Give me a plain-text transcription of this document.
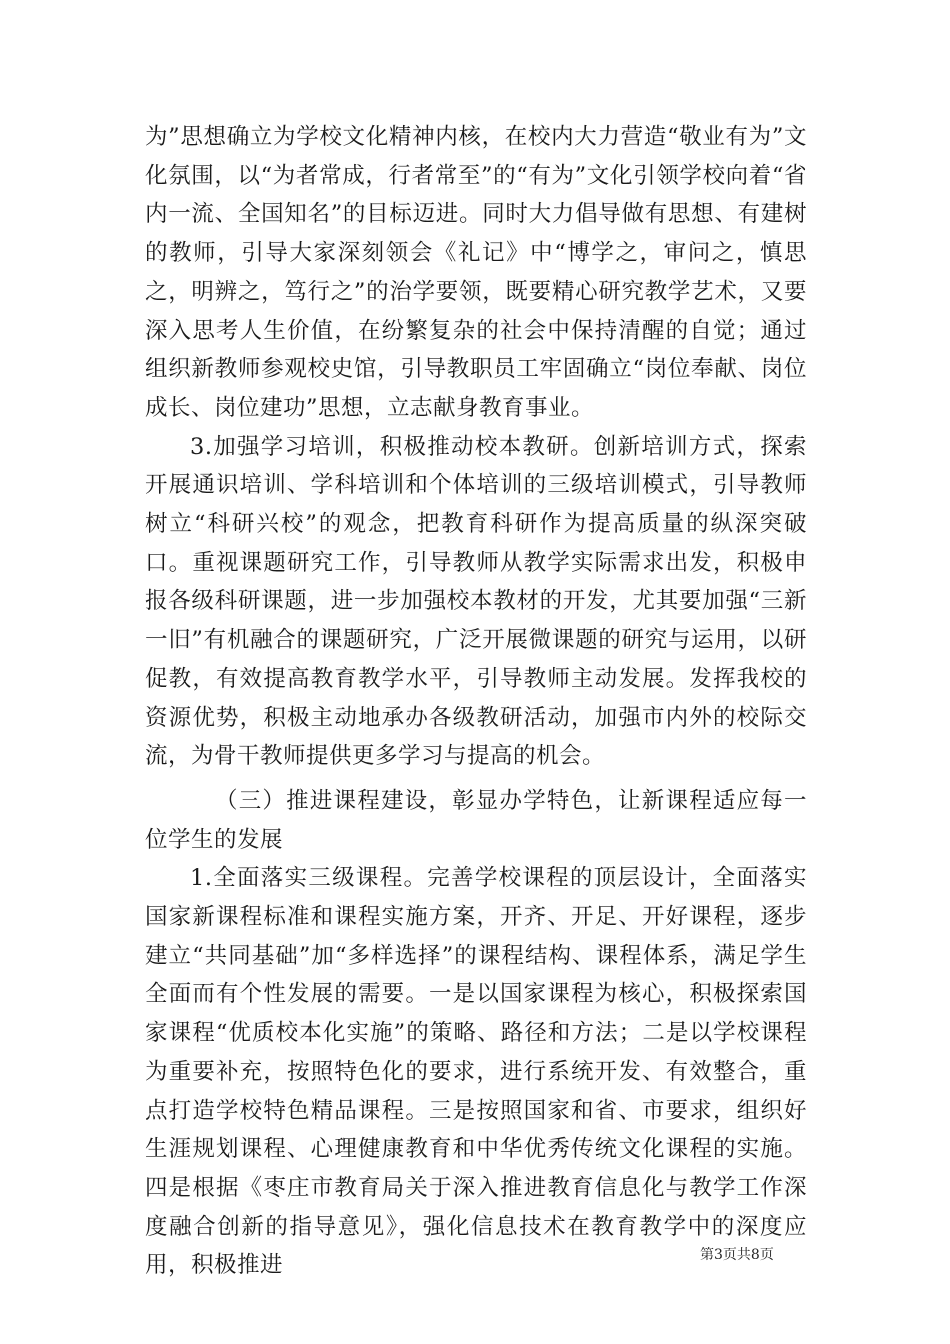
为”思想确立为学校文化精神内核，在校内大力营造“敬业有为”文化氛围，以“为者常成，行者常至”的“有为”文化引领学校向着“省内一流、全国知名”的目标迈进。同时大力倡导做有思想、有建树的教师，引导大家深刻领会《礼记》中“博学之，审问之，慎思之，明辨之，笃行之”的治学要领，既要精心研究教学艺术，又要深入思考人生价值，在纷繁复杂的社会中保持清醒的自觉；通过组织新教师参观校史馆，引导教职员工牢固确立“岗位奉献、岗位成长、岗位建功”思想，立志献身教育事业。

3.加强学习培训，积极推动校本教研。创新培训方式，探索开展通识培训、学科培训和个体培训的三级培训模式，引导教师树立“科研兴校”的观念，把教育科研作为提高质量的纵深突破口。重视课题研究工作，引导教师从教学实际需求出发，积极申报各级科研课题，进一步加强校本教材的开发，尤其要加强“三新一旧”有机融合的课题研究，广泛开展微课题的研究与运用，以研促教，有效提高教育教学水平，引导教师主动发展。发挥我校的资源优势，积极主动地承办各级教研活动，加强市内外的校际交流，为骨干教师提供更多学习与提高的机会。

（三）推进课程建设，彰显办学特色，让新课程适应每一位学生的发展

1.全面落实三级课程。完善学校课程的顶层设计，全面落实国家新课程标准和课程实施方案，开齐、开足、开好课程，逐步建立“共同基础”加“多样选择”的课程结构、课程体系，满足学生全面而有个性发展的需要。一是以国家课程为核心，积极探索国家课程“优质校本化实施”的策略、路径和方法；二是以学校课程为重要补充，按照特色化的要求，进行系统开发、有效整合，重点打造学校特色精品课程。三是按照国家和省、市要求，组织好生涯规划课程、心理健康教育和中华优秀传统文化课程的实施。四是根据《枣庄市教育局关于深入推进教育信息化与教学工作深度融合创新的指导意见》，强化信息技术在教育教学中的深度应用，积极推进	第3页共8页
